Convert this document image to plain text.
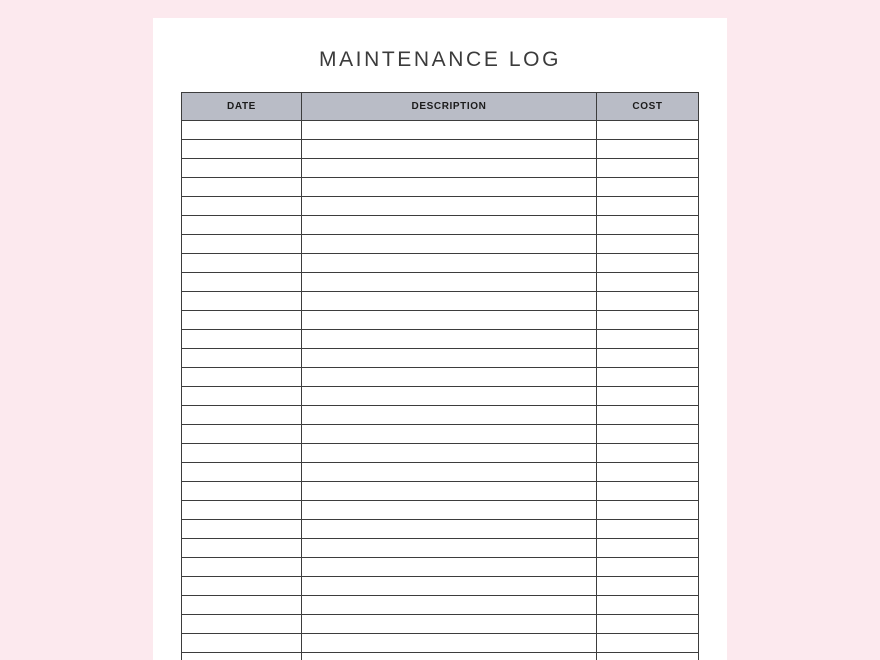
MAINTENANCE LOG
DATE	DESCRIPTION	COST
